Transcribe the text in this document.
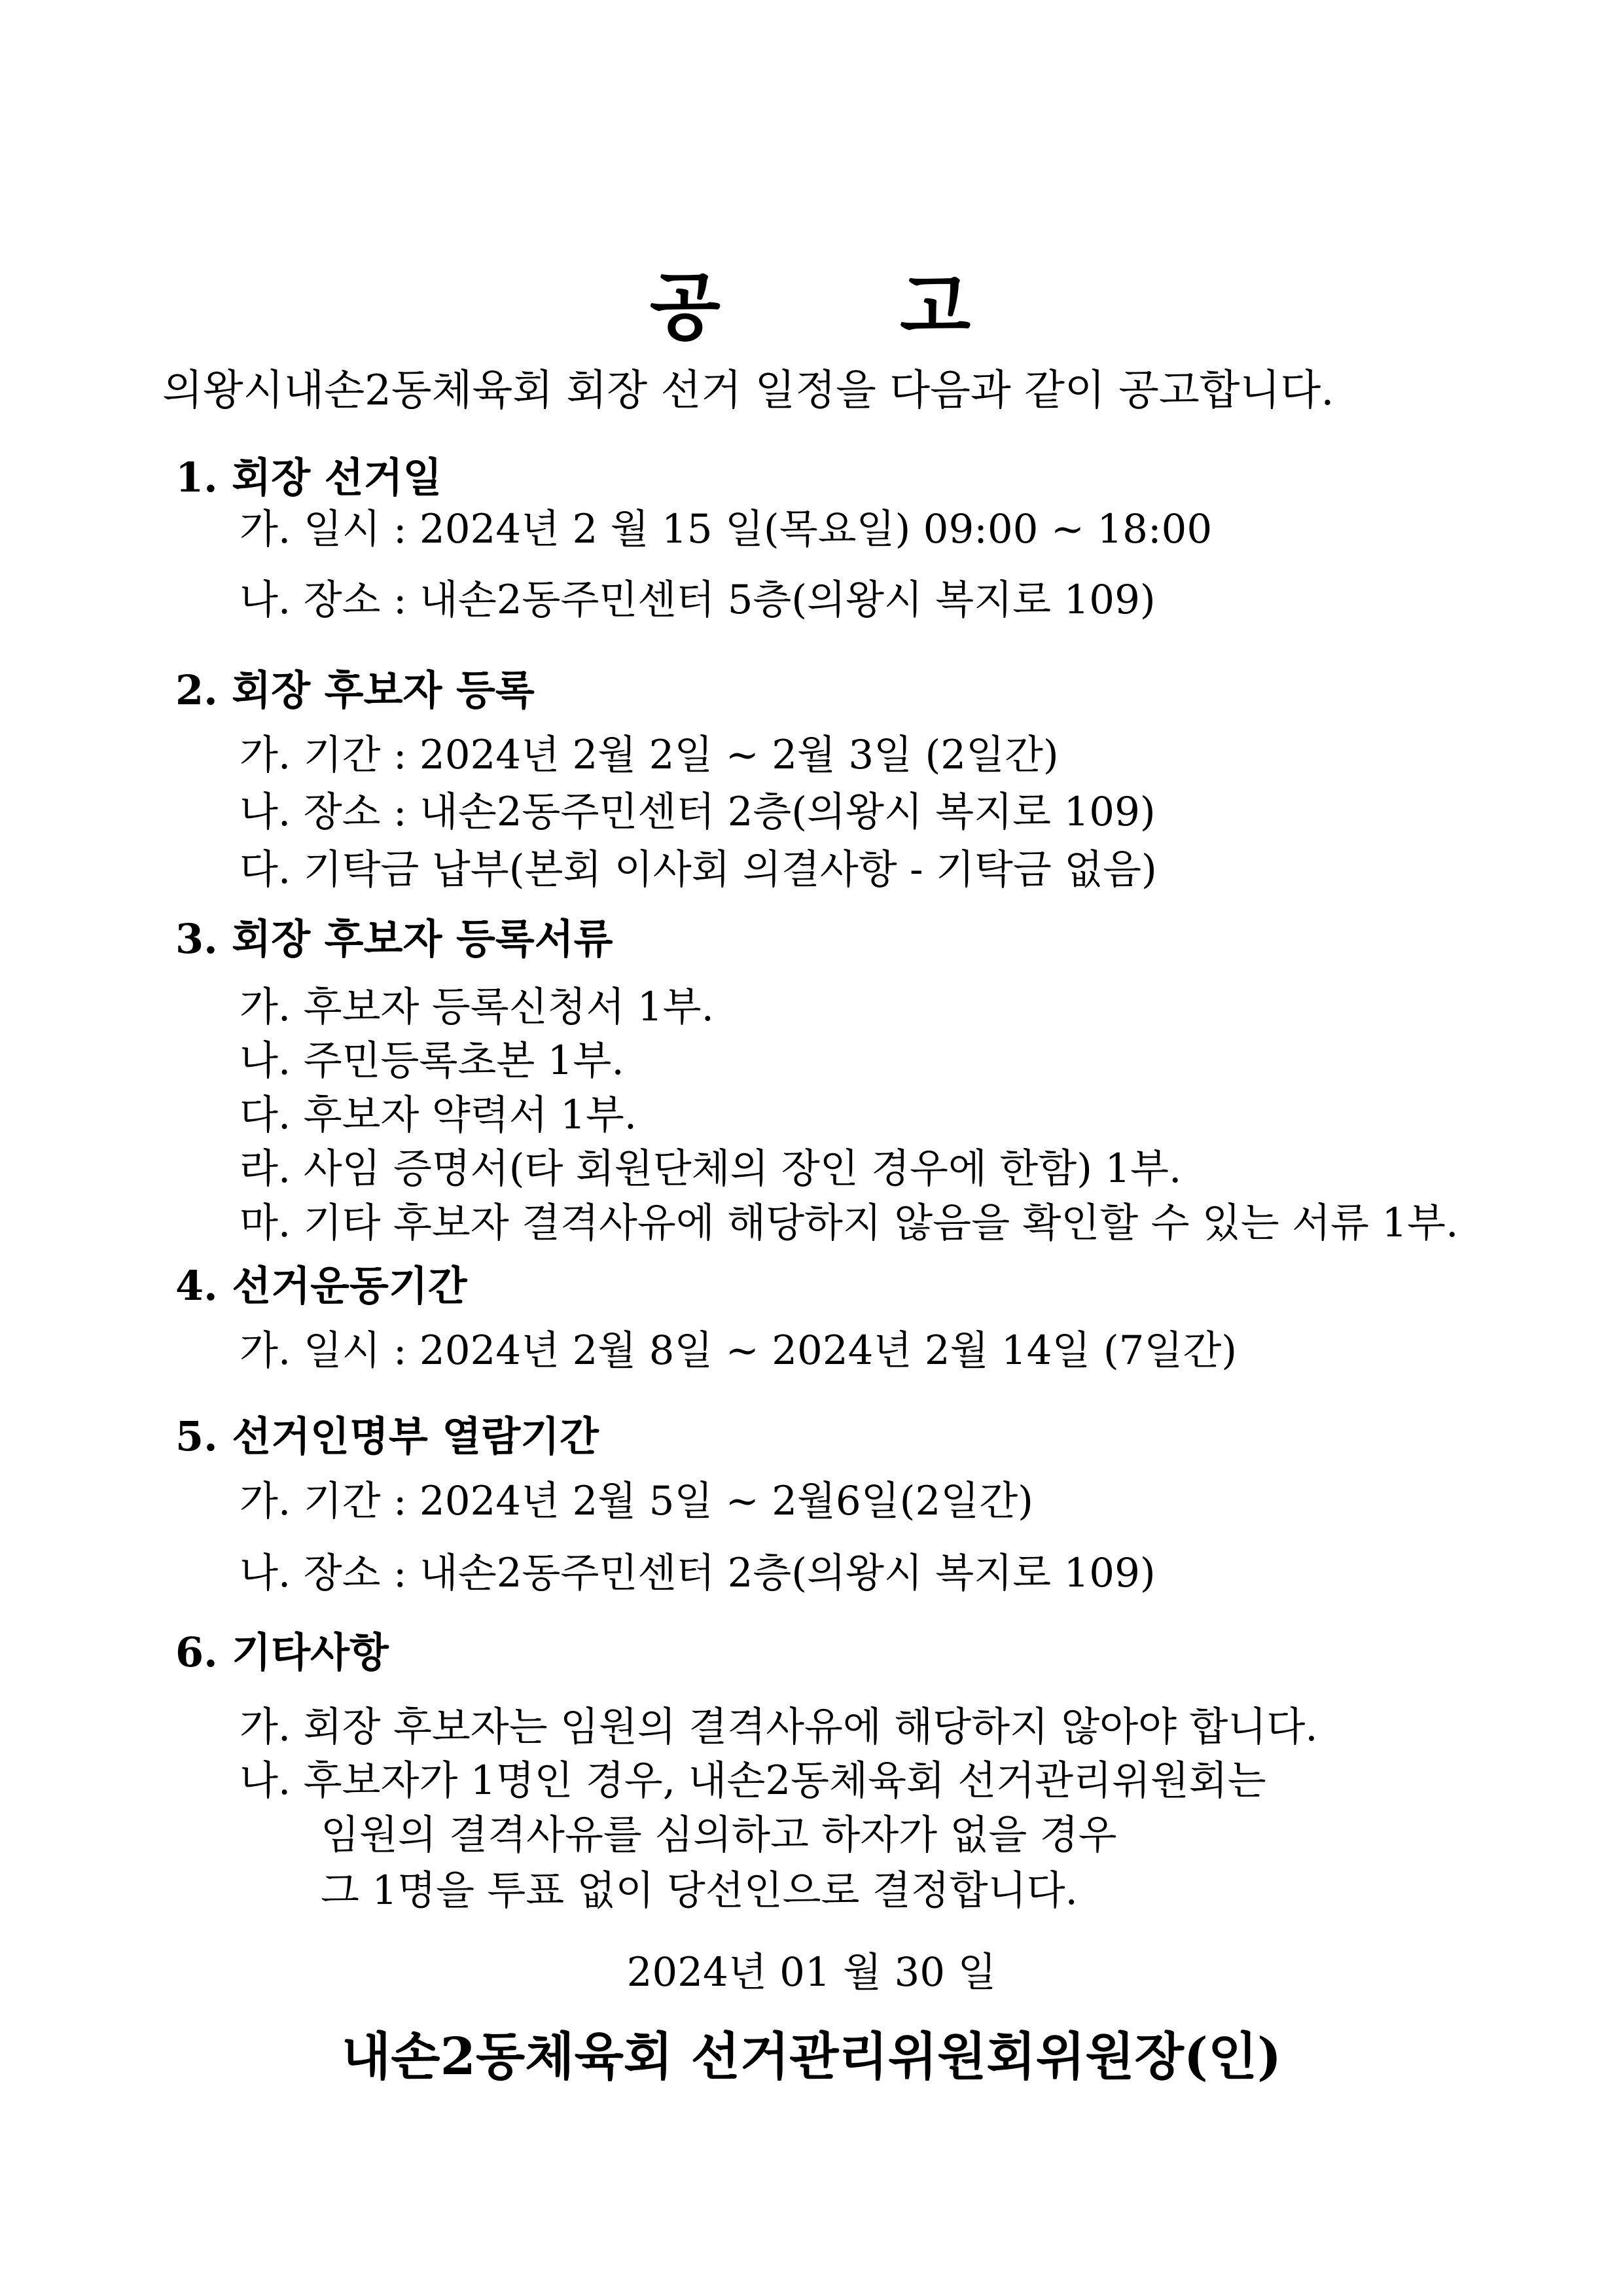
공 고
의왕시내손2동체육회 회장 선거 일정을 다음과 같이 공고합니다.
1. 회장 선거일
가. 일시 : 2024년 2 월 15 일(목요일) 09:00 ~ 18:00
나. 장소 : 내손2동주민센터 5층(의왕시 복지로 109)
2. 회장 후보자 등록
가. 기간 : 2024년 2월 2일 ~ 2월 3일 (2일간)
나. 장소 : 내손2동주민센터 2층(의왕시 복지로 109)
다. 기탁금 납부(본회 이사회 의결사항 - 기탁금 없음)
3. 회장 후보자 등록서류
가. 후보자 등록신청서 1부.
나. 주민등록초본 1부.
다. 후보자 약력서 1부.
라. 사임 증명서(타 회원단체의 장인 경우에 한함) 1부.
마. 기타 후보자 결격사유에 해당하지 않음을 확인할 수 있는 서류 1부.
4. 선거운동기간
가. 일시 : 2024년 2월 8일 ~ 2024년 2월 14일 (7일간)
5. 선거인명부 열람기간
가. 기간 : 2024년 2월 5일 ~ 2월6일(2일간)
나. 장소 : 내손2동주민센터 2층(의왕시 복지로 109)
6. 기타사항
가. 회장 후보자는 임원의 결격사유에 해당하지 않아야 합니다.
나. 후보자가 1명인 경우, 내손2동체육회 선거관리위원회는
임원의 결격사유를 심의하고 하자가 없을 경우
그 1명을 투표 없이 당선인으로 결정합니다.
2024년 01 월 30 일
내손2동체육회 선거관리위원회위원장(인)
